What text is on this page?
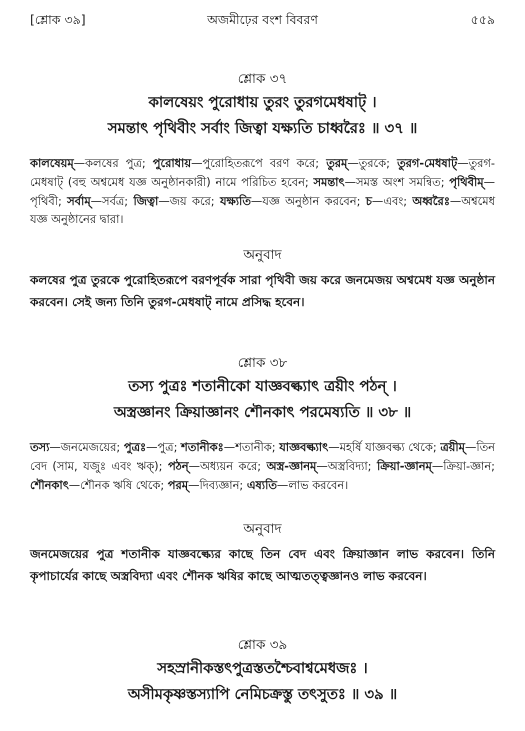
[শ্লোক ৩৯]	অজমীঢ়ের বংশ বিবরণ	৫৫৯
শ্লোক ৩৭
কালষেয়ং পুরোধায় তুরং তুরগমেধষাট্ ।
সমন্তাৎ পৃথিবীং সর্বাং জিত্বা যক্ষ্যতি চাধ্বরৈঃ ॥ ৩৭ ॥
কালষেয়ম্—কলষের পুত্র; পুরোধায়—পুরোহিতরূপে বরণ করে; তুরম্—তুরকে; তুরগ-মেধষাট্—তুরগ-মেধষাট্ (বহু অশ্বমেধ যজ্ঞ অনুষ্ঠানকারী) নামে পরিচিত হবেন; সমন্তাৎ—সমস্ত অংশ সমন্বিত; পৃথিবীম্—পৃথিবী; সর্বাম্—সর্বত্র; জিত্বা—জয় করে; যক্ষ্যতি—যজ্ঞ অনুষ্ঠান করবেন; চ—এবং; অধ্বরৈঃ—অশ্বমেধ যজ্ঞ অনুষ্ঠানের দ্বারা।
অনুবাদ
কলষের পুত্র তুরকে পুরোহিতরূপে বরণপূর্বক সারা পৃথিবী জয় করে জনমেজয় অশ্বমেধ যজ্ঞ অনুষ্ঠান করবেন। সেই জন্য তিনি তুরগ-মেধষাট্ নামে প্রসিদ্ধ হবেন।
শ্লোক ৩৮
তস্য পুত্রঃ শতানীকো যাজ্ঞবল্ক্যাৎ ত্রয়ীং পঠন্ ।
অস্ত্রজ্ঞানং ক্রিয়াজ্ঞানং শৌনকাৎ পরমেষ্যতি ॥ ৩৮ ॥
তস্য—জনমেজয়ের; পুত্রঃ—পুত্র; শতানীকঃ—শতানীক; যাজ্ঞবল্ক্যাৎ—মহর্ষি যাজ্ঞবল্ক্য থেকে; ত্রয়ীম্—তিন বেদ (সাম, যজুঃ এবং ঋক্); পঠন্—অধ্যয়ন করে; অস্ত্র-জ্ঞানম্—অস্ত্রবিদ্যা; ক্রিয়া-জ্ঞানম্—ক্রিয়া-জ্ঞান; শৌনকাৎ—শৌনক ঋষি থেকে; পরম্—দিব্যজ্ঞান; এষ্যতি—লাভ করবেন।
অনুবাদ
জনমেজয়ের পুত্র শতানীক যাজ্ঞবল্ক্যের কাছে তিন বেদ এবং ক্রিয়াজ্ঞান লাভ করবেন। তিনি কৃপাচার্যের কাছে অস্ত্রবিদ্যা এবং শৌনক ঋষির কাছে আত্মতত্ত্বজ্ঞানও লাভ করবেন।
শ্লোক ৩৯
সহস্রানীকস্তৎপুত্রস্ততশ্চৈবাশ্বমেধজঃ ।
অসীমকৃষ্ণস্তস্যাপি নেমিচক্রস্তু তৎসুতঃ ॥ ৩৯ ॥
